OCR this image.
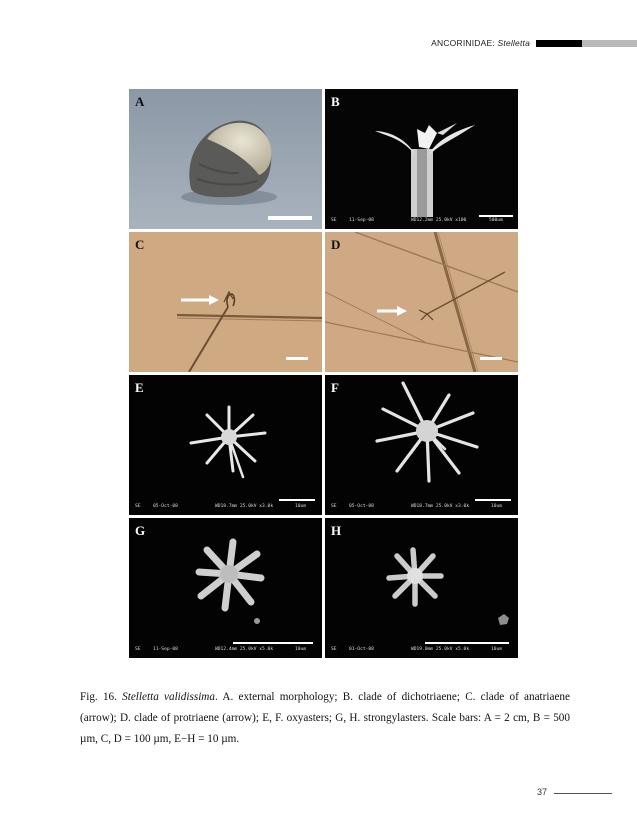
ANCORINIDAE: Stelletta
A	B

SE

	11-Sep-08

	WD12.2mm 25.0kV x100

	500um

C	D
E

SE

	05-Oct-08

	WD18.7mm 25.0kV x3.0k

	10um

F

SE

	05-Oct-08

	WD18.7mm 25.0kV x3.0k

	10um

G

SE

	11-Sep-08

	WD12.4mm 25.0kV x5.0k

	10um

H

SE

	01-Oct-08

	WD19.0mm 25.0kV x5.0k

	10um

Fig. 16. Stelletta validissima. A. external morphology; B. clade of dichotriaene; C. clade of anatriaene (arrow); D. clade of protriaene (arrow); E, F. oxyasters; G, H. strongylasters. Scale bars: A = 2 cm, B = 500 µm, C, D = 100 µm, E−H = 10 µm.

37
